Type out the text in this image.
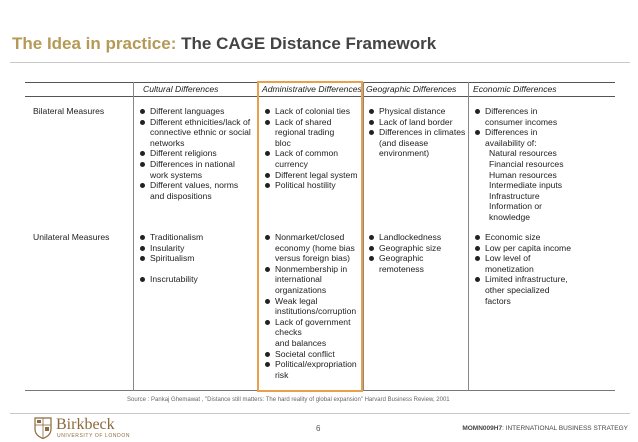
The Idea in practice: The CAGE Distance Framework
Cultural Differences	Administrative Differences Geographic Differences Economic Differences
Bilateral Measures
Unilateral Measures
Different languages
Different ethnicities/lack of
connective ethnic or social
networks
Different religions
Differences in national
work systems
Different values, norms
and dispositions
Lack of colonial ties
Lack of shared
regional trading
bloc
Lack of common
currency
Different legal system
Political hostility
Physical distance
Lack of land border
Differences in climates
(and disease
environment)
Differences in
consumer incomes
Differences in
availability of:
Natural resources
Financial resources
Human resources
Intermediate inputs
Infrastructure
Information or
knowledge
Traditionalism
Insularity
Spiritualism
Inscrutability
Nonmarket/closed
economy (home bias
versus foreign bias)
Nonmembership in
international
organizations
Weak legal
institutions/corruption
Lack of government
checks
and balances
Societal conflict
Political/expropriation
risk
Landlockedness
Geographic size
Geographic
remoteness
Economic size
Low per capita income
Low level of
monetization
Limited infrastructure,
other specialized
factors
Source : Pankaj Ghemawat , "Distance still matters: The hard reality of global expansion" Harvard Business Review, 2001
Birkbeck
UNIVERSITY OF LONDON
6	MOMN009H7: INTERNATIONAL BUSINESS STRATEGY
